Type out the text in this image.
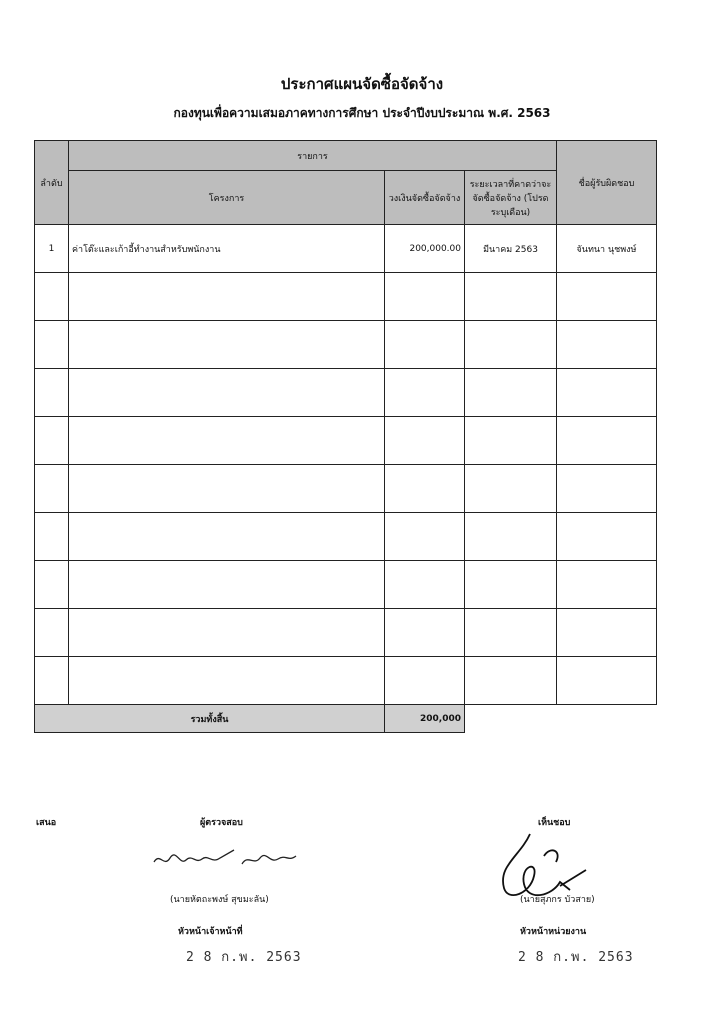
ประกาศแผนจัดซื้อจัดจ้าง
กองทุนเพื่อความเสมอภาคทางการศึกษา ประจำปีงบประมาณ พ.ศ. 2563
ลำดับ	รายการ			ชื่อผู้รับผิดชอบ
	โครงการ	วงเงินจัดซื้อจัดจ้าง	ระยะเวลาที่คาดว่าจะจัดซื้อจัดจ้าง (โปรดระบุเดือน)	
1	ค่าโต๊ะและเก้าอี้ทำงานสำหรับพนักงาน	200,000.00	มีนาคม 2563	จันทนา นุชพงษ์

รวมทั้งสิ้น		200,000		
เสนอ	ผู้ตรวจสอบ	เห็นชอบ
(นายหัตถะพงษ์ สุขมะลัน)	(นายสุภกร บัวสาย)
หัวหน้าเจ้าหน้าที่	หัวหน้าหน่วยงาน
2 8 ก.พ. 2563	2 8 ก.พ. 2563
